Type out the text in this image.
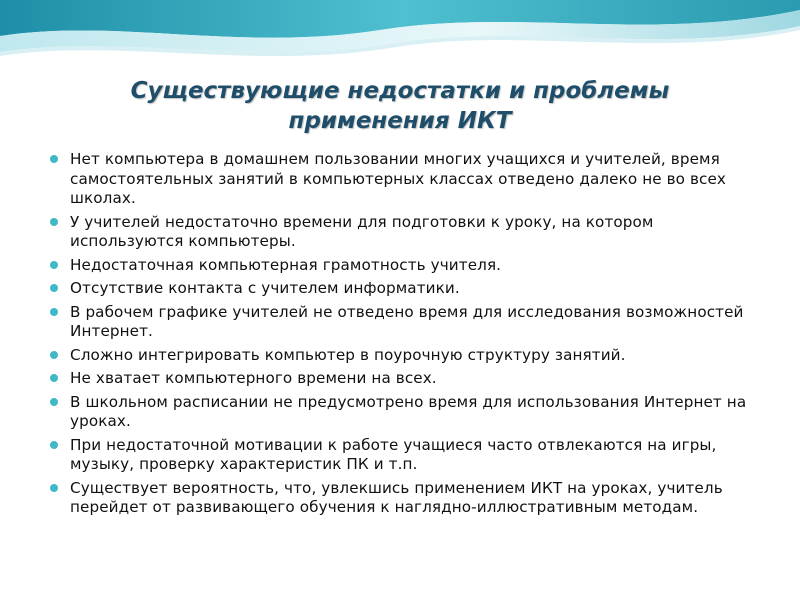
Существующие недостатки и проблемы
применения ИКТ
Нет компьютера в домашнем пользовании многих учащихся и учителей, время самостоятельных занятий в компьютерных классах отведено далеко не во всех школах.
У учителей недостаточно времени для подготовки к уроку, на котором используются компьютеры.
Недостаточная компьютерная грамотность учителя.
Отсутствие контакта с учителем информатики.
В рабочем графике учителей не отведено время для исследования возможностей Интернет.
Сложно интегрировать компьютер в поурочную структуру занятий.
Не хватает компьютерного времени на всех.
В школьном расписании не предусмотрено время для использования Интернет на уроках.
При недостаточной мотивации к работе учащиеся часто отвлекаются на игры, музыку, проверку характеристик ПК и т.п.
Существует вероятность, что, увлекшись применением ИКТ на уроках, учитель перейдет от развивающего обучения к наглядно-иллюстративным методам.
